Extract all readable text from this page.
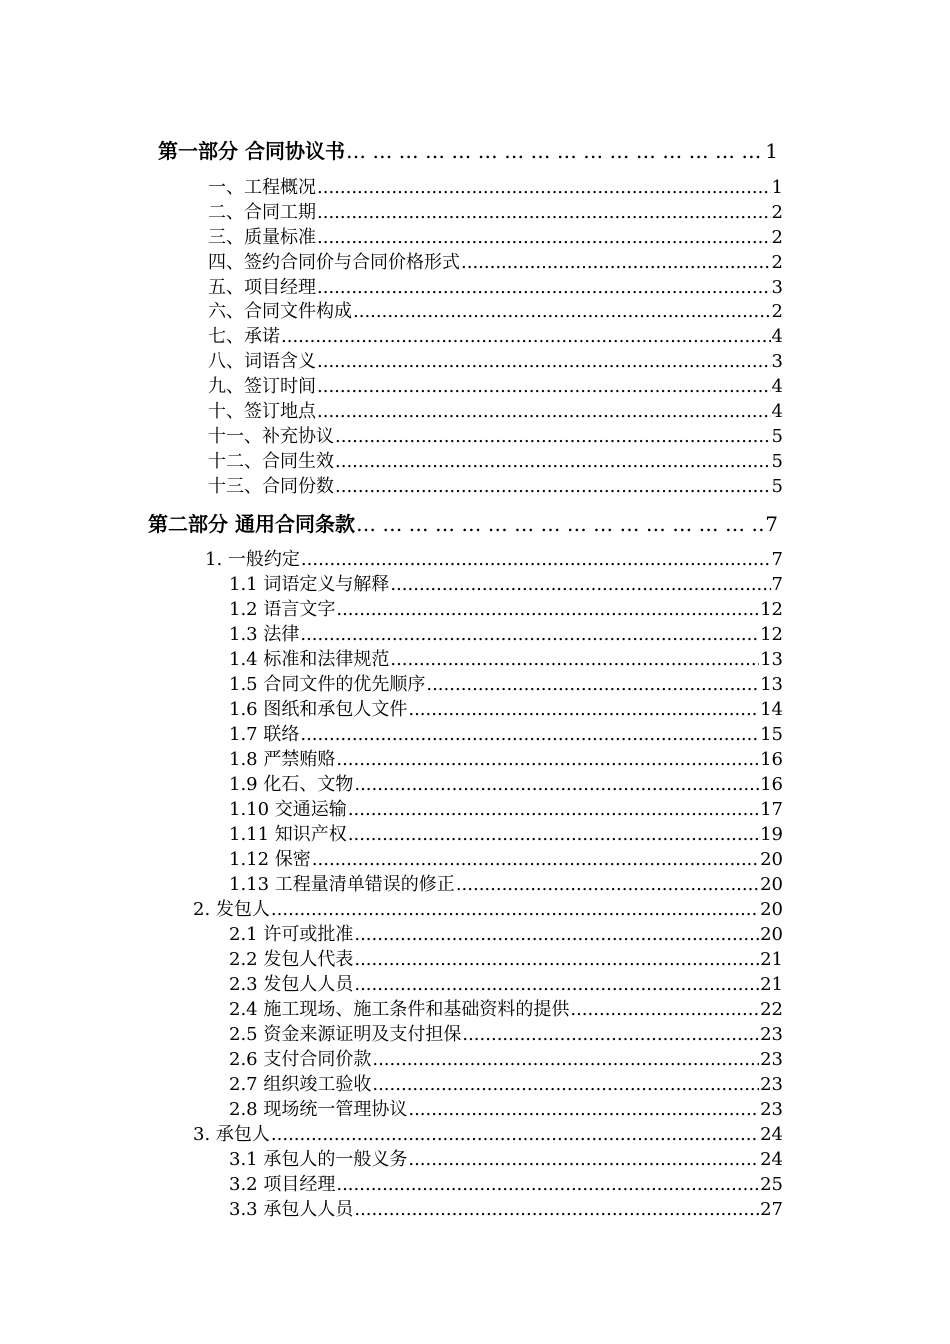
第一部分 合同协议书 … … … … … … … … … … … … … … … … … … … … … … … … … … … … … … … … … … … … … … … … …	1
一、工程概况 .....	1
二、合同工期 .....	2
三、质量标准 .....	2
四、签约合同价与合同价格形式 .....	2
五、项目经理 .....	3
六、合同文件构成 .....	2
七、承诺 .....	4
八、词语含义 .....	3
九、签订时间 .....	4
十、签订地点 .....	4
十一、补充协议 .....	5
十二、合同生效 .....	5
十三、合同份数 .....	5
第二部分 通用合同条款 … … … … … … … … … … … … … … … … … … … … … … … … … … … … … … … … … … … … … … … … …	7
1. 一般约定 .....	7
1.1 词语定义与解释 .....	7
1.2 语言文字 .....	12
1.3 法律 .....	12
1.4 标准和法律规范 .....	13
1.5 合同文件的优先顺序 .....	13
1.6 图纸和承包人文件 .....	14
1.7 联络 .....	15
1.8 严禁贿赂 .....	16
1.9 化石、文物 .....	16
1.10 交通运输 .....	17
1.11 知识产权 .....	19
1.12 保密 .....	20
1.13 工程量清单错误的修正 .....	20
2. 发包人 .....	20
2.1 许可或批准 .....	20
2.2 发包人代表 .....	21
2.3 发包人人员 .....	21
2.4 施工现场、施工条件和基础资料的提供 .....	22
2.5 资金来源证明及支付担保 .....	23
2.6 支付合同价款 .....	23
2.7 组织竣工验收 .....	23
2.8 现场统一管理协议 .....	23
3. 承包人 .....	24
3.1 承包人的一般义务 .....	24
3.2 项目经理 .....	25
3.3 承包人人员 .....	27
